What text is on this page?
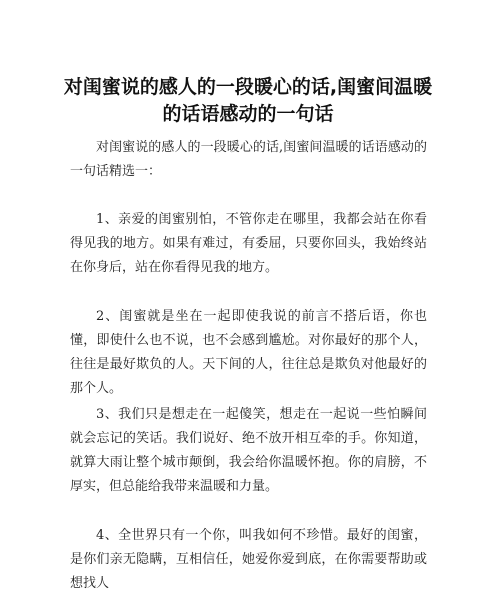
对闺蜜说的感人的一段暖心的话,闺蜜间温暖的话语感动的一句话

对闺蜜说的感人的一段暖心的话,闺蜜间温暖的话语感动的一句话精选一：

1、亲爱的闺蜜别怕，不管你走在哪里，我都会站在你看得见我的地方。如果有难过，有委屈，只要你回头，我始终站在你身后，站在你看得见我的地方。

2、闺蜜就是坐在一起即使我说的前言不搭后语，你也懂，即使什么也不说，也不会感到尴尬。对你最好的那个人，往往是最好欺负的人。天下间的人，往往总是欺负对他最好的那个人。

3、我们只是想走在一起傻笑，想走在一起说一些怕瞬间就会忘记的笑话。我们说好、绝不放开相互牵的手。你知道，就算大雨让整个城市颠倒，我会给你温暖怀抱。你的肩膀，不厚实，但总能给我带来温暖和力量。

4、全世界只有一个你，叫我如何不珍惜。最好的闺蜜，是你们亲无隐瞒，互相信任，她爱你爱到底，在你需要帮助或想找人
